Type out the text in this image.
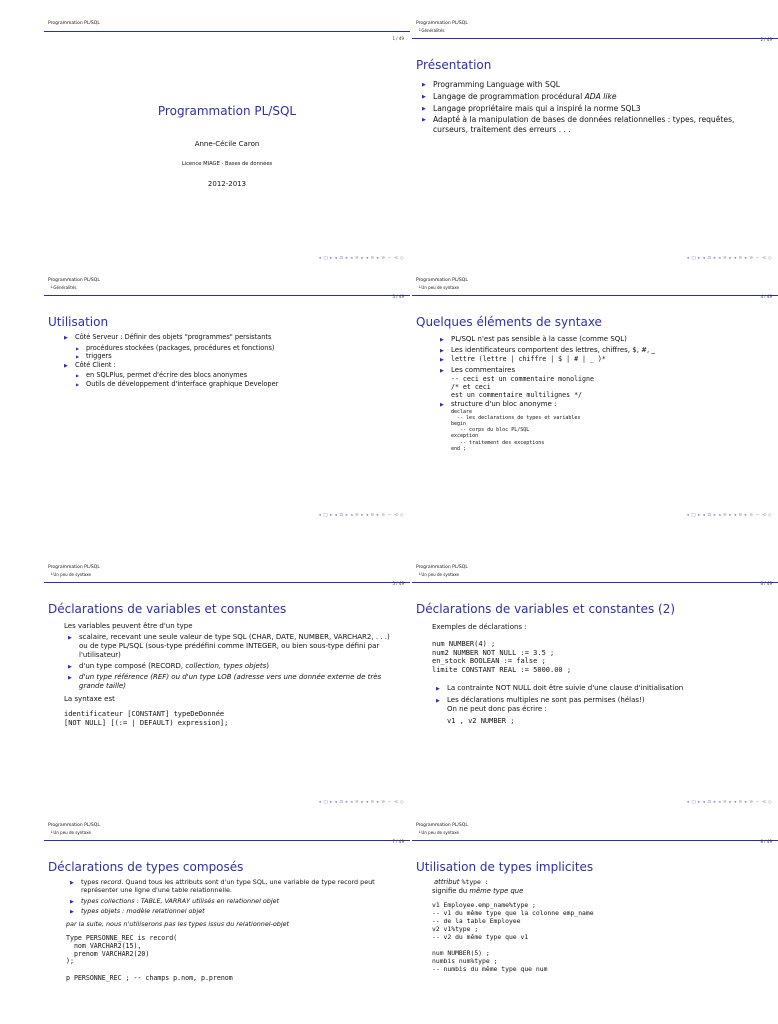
Programmation PL/SQL
1 / 49
Programmation PL/SQL
Anne-Cécile Caron
Licence MIAGE - Bases de données
2012-2013
◂ □ ▸ ◂ ⊡ ▸ ◂ ≡ ▸ ◂ ≡ ▸ ≡ ∽ ⊲ ◇
Programmation PL/SQL
└Généralités
2 / 49
Présentation
▶ Programming Language with SQL
▶ Langage de programmation procédural ADA like
▶ Langage propriétaire mais qui a inspiré la norme SQL3
▶ Adapté à la manipulation de bases de données relationnelles : types, requêtes, curseurs, traitement des erreurs . . .
◂ □ ▸ ◂ ⊡ ▸ ◂ ≡ ▸ ◂ ≡ ▸ ≡ ∽ ⊲ ◇
Programmation PL/SQL
└Généralités
3 / 49
Utilisation
▶ Côté Serveur : Définir des objets "programmes" persistants
▶ procédures stockées (packages, procédures et fonctions)
▶ triggers
▶ Côté Client :
▶ en SQLPlus, permet d'écrire des blocs anonymes
▶ Outils de développement d'interface graphique Developer
◂ □ ▸ ◂ ⊡ ▸ ◂ ≡ ▸ ◂ ≡ ▸ ≡ ∽ ⊲ ◇
Programmation PL/SQL
└Un peu de syntaxe
4 / 49
Quelques éléments de syntaxe
▶ PL/SQL n'est pas sensible à la casse (comme SQL)
▶ Les identificateurs comportent des lettres, chiffres, $, #, _
▶ lettre (lettre | chiffre | $ | # | _ )*
▶ Les commentaires
-- ceci est un commentaire monoligne
/* et ceci
est un commentaire multilignes */
▶ structure d'un bloc anonyme :
declare
-- les declarations de types et variables
begin
-- corps du bloc PL/SQL
exception
-- traitement des exceptions
end ;
◂ □ ▸ ◂ ⊡ ▸ ◂ ≡ ▸ ◂ ≡ ▸ ≡ ∽ ⊲ ◇
Programmation PL/SQL
└Un peu de syntaxe
5 / 49
Déclarations de variables et constantes
Les variables peuvent être d'un type
▶ scalaire, recevant une seule valeur de type SQL (CHAR, DATE, NUMBER, VARCHAR2, . . .) ou de type PL/SQL (sous-type prédéfini comme INTEGER, ou bien sous-type défini par l'utilisateur)
▶ d'un type composé (RECORD, collection, types objets)
▶ d'un type référence (REF) ou d'un type LOB (adresse vers une donnée externe de très grande taille)
La syntaxe est
identificateur [CONSTANT] typeDeDonnée
[NOT NULL] [(:= | DEFAULT) expression];
◂ □ ▸ ◂ ⊡ ▸ ◂ ≡ ▸ ◂ ≡ ▸ ≡ ∽ ⊲ ◇
Programmation PL/SQL
└Un peu de syntaxe
6 / 49
Déclarations de variables et constantes (2)
Exemples de déclarations :
num NUMBER(4) ;
num2 NUMBER NOT NULL := 3.5 ;
en_stock BOOLEAN := false ;
limite CONSTANT REAL := 5000.00 ;
▶ La contrainte NOT NULL doit être suivie d'une clause d'initialisation
▶ Les déclarations multiples ne sont pas permises (hélas!)
On ne peut donc pas écrire :
v1 , v2 NUMBER ;
◂ □ ▸ ◂ ⊡ ▸ ◂ ≡ ▸ ◂ ≡ ▸ ≡ ∽ ⊲ ◇
Programmation PL/SQL
└Un peu de syntaxe
7 / 49
Déclarations de types composés
▶ types record. Quand tous les attributs sont d'un type SQL, une variable de type record peut représenter une ligne d'une table relationnelle.
▶ types collections : TABLE, VARRAY utilisés en relationnel objet
▶ types objets : modèle relationnel objet
par la suite, nous n'utiliserons pas les types issus du relationnel-objet
Type PERSONNE_REC is record(
nom VARCHAR2(15),
prenom VARCHAR2(20)
);
p PERSONNE_REC ; -- champs p.nom, p.prenom
Programmation PL/SQL
└Un peu de syntaxe
8 / 49
Utilisation de types implicites
attribut %type :
signifie du même type que
v1 Employee.emp_name%type ;
-- v1 du même type que la colonne emp_name
-- de la table Employee
v2 v1%type ;
-- v2 du même type que v1
num NUMBER(5) ;
numbis num%type ;
-- numbis du même type que num
